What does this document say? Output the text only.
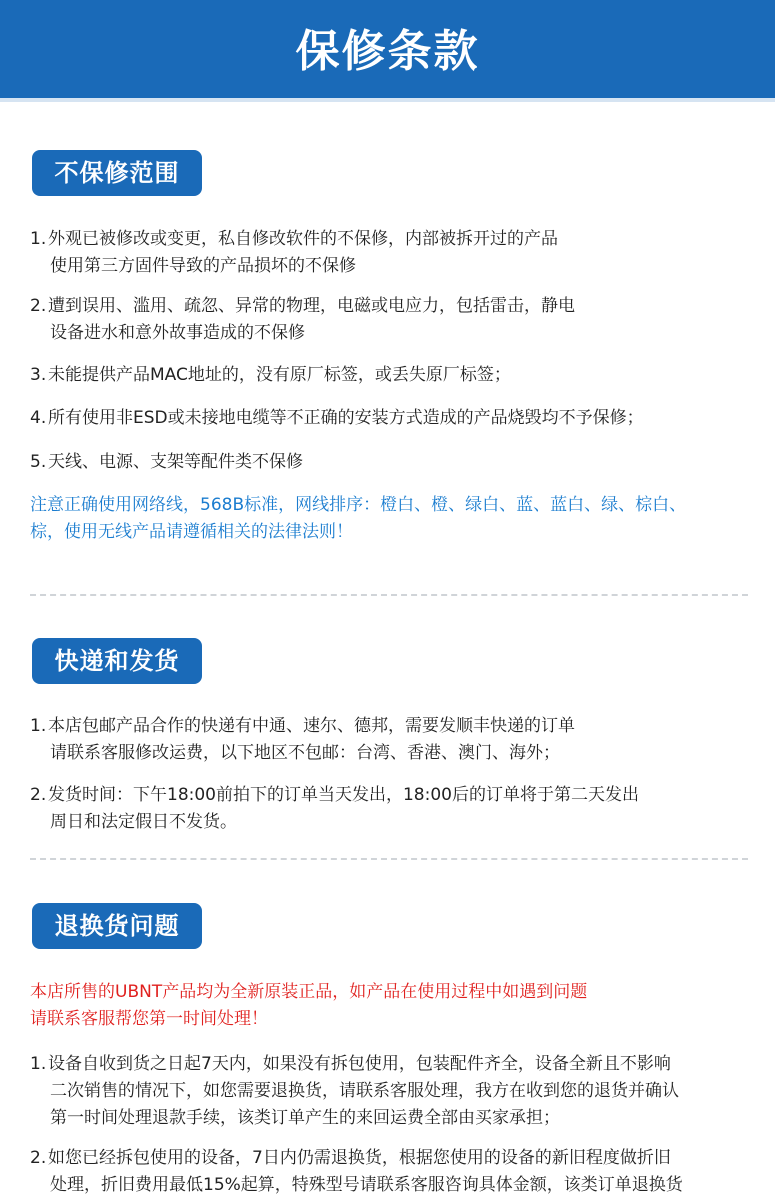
保修条款
不保修范围
1. 外观已被修改或变更，私自修改软件的不保修，内部被拆开过的产品
使用第三方固件导致的产品损坏的不保修
2. 遭到误用、滥用、疏忽、异常的物理，电磁或电应力，包括雷击，静电
设备进水和意外故事造成的不保修
3. 未能提供产品MAC地址的，没有原厂标签，或丢失原厂标签；
4. 所有使用非ESD或未接地电缆等不正确的安装方式造成的产品烧毁均不予保修；
5. 天线、电源、支架等配件类不保修
注意正确使用网络线，568B标准，网线排序：橙白、橙、绿白、蓝、蓝白、绿、棕白、
棕，使用无线产品请遵循相关的法律法则！
快递和发货
1. 本店包邮产品合作的快递有中通、速尔、德邦，需要发顺丰快递的订单
请联系客服修改运费，以下地区不包邮：台湾、香港、澳门、海外；
2. 发货时间：下午18:00前拍下的订单当天发出，18:00后的订单将于第二天发出
周日和法定假日不发货。
退换货问题
本店所售的UBNT产品均为全新原装正品，如产品在使用过程中如遇到问题
请联系客服帮您第一时间处理！
1. 设备自收到货之日起7天内，如果没有拆包使用，包装配件齐全，设备全新且不影响
二次销售的情况下，如您需要退换货，请联系客服处理，我方在收到您的退货并确认
第一时间处理退款手续，该类订单产生的来回运费全部由买家承担；
2. 如您已经拆包使用的设备，7日内仍需退换货，根据您使用的设备的新旧程度做折旧
处理，折旧费用最低15%起算，特殊型号请联系客服咨询具体金额，该类订单退换货
